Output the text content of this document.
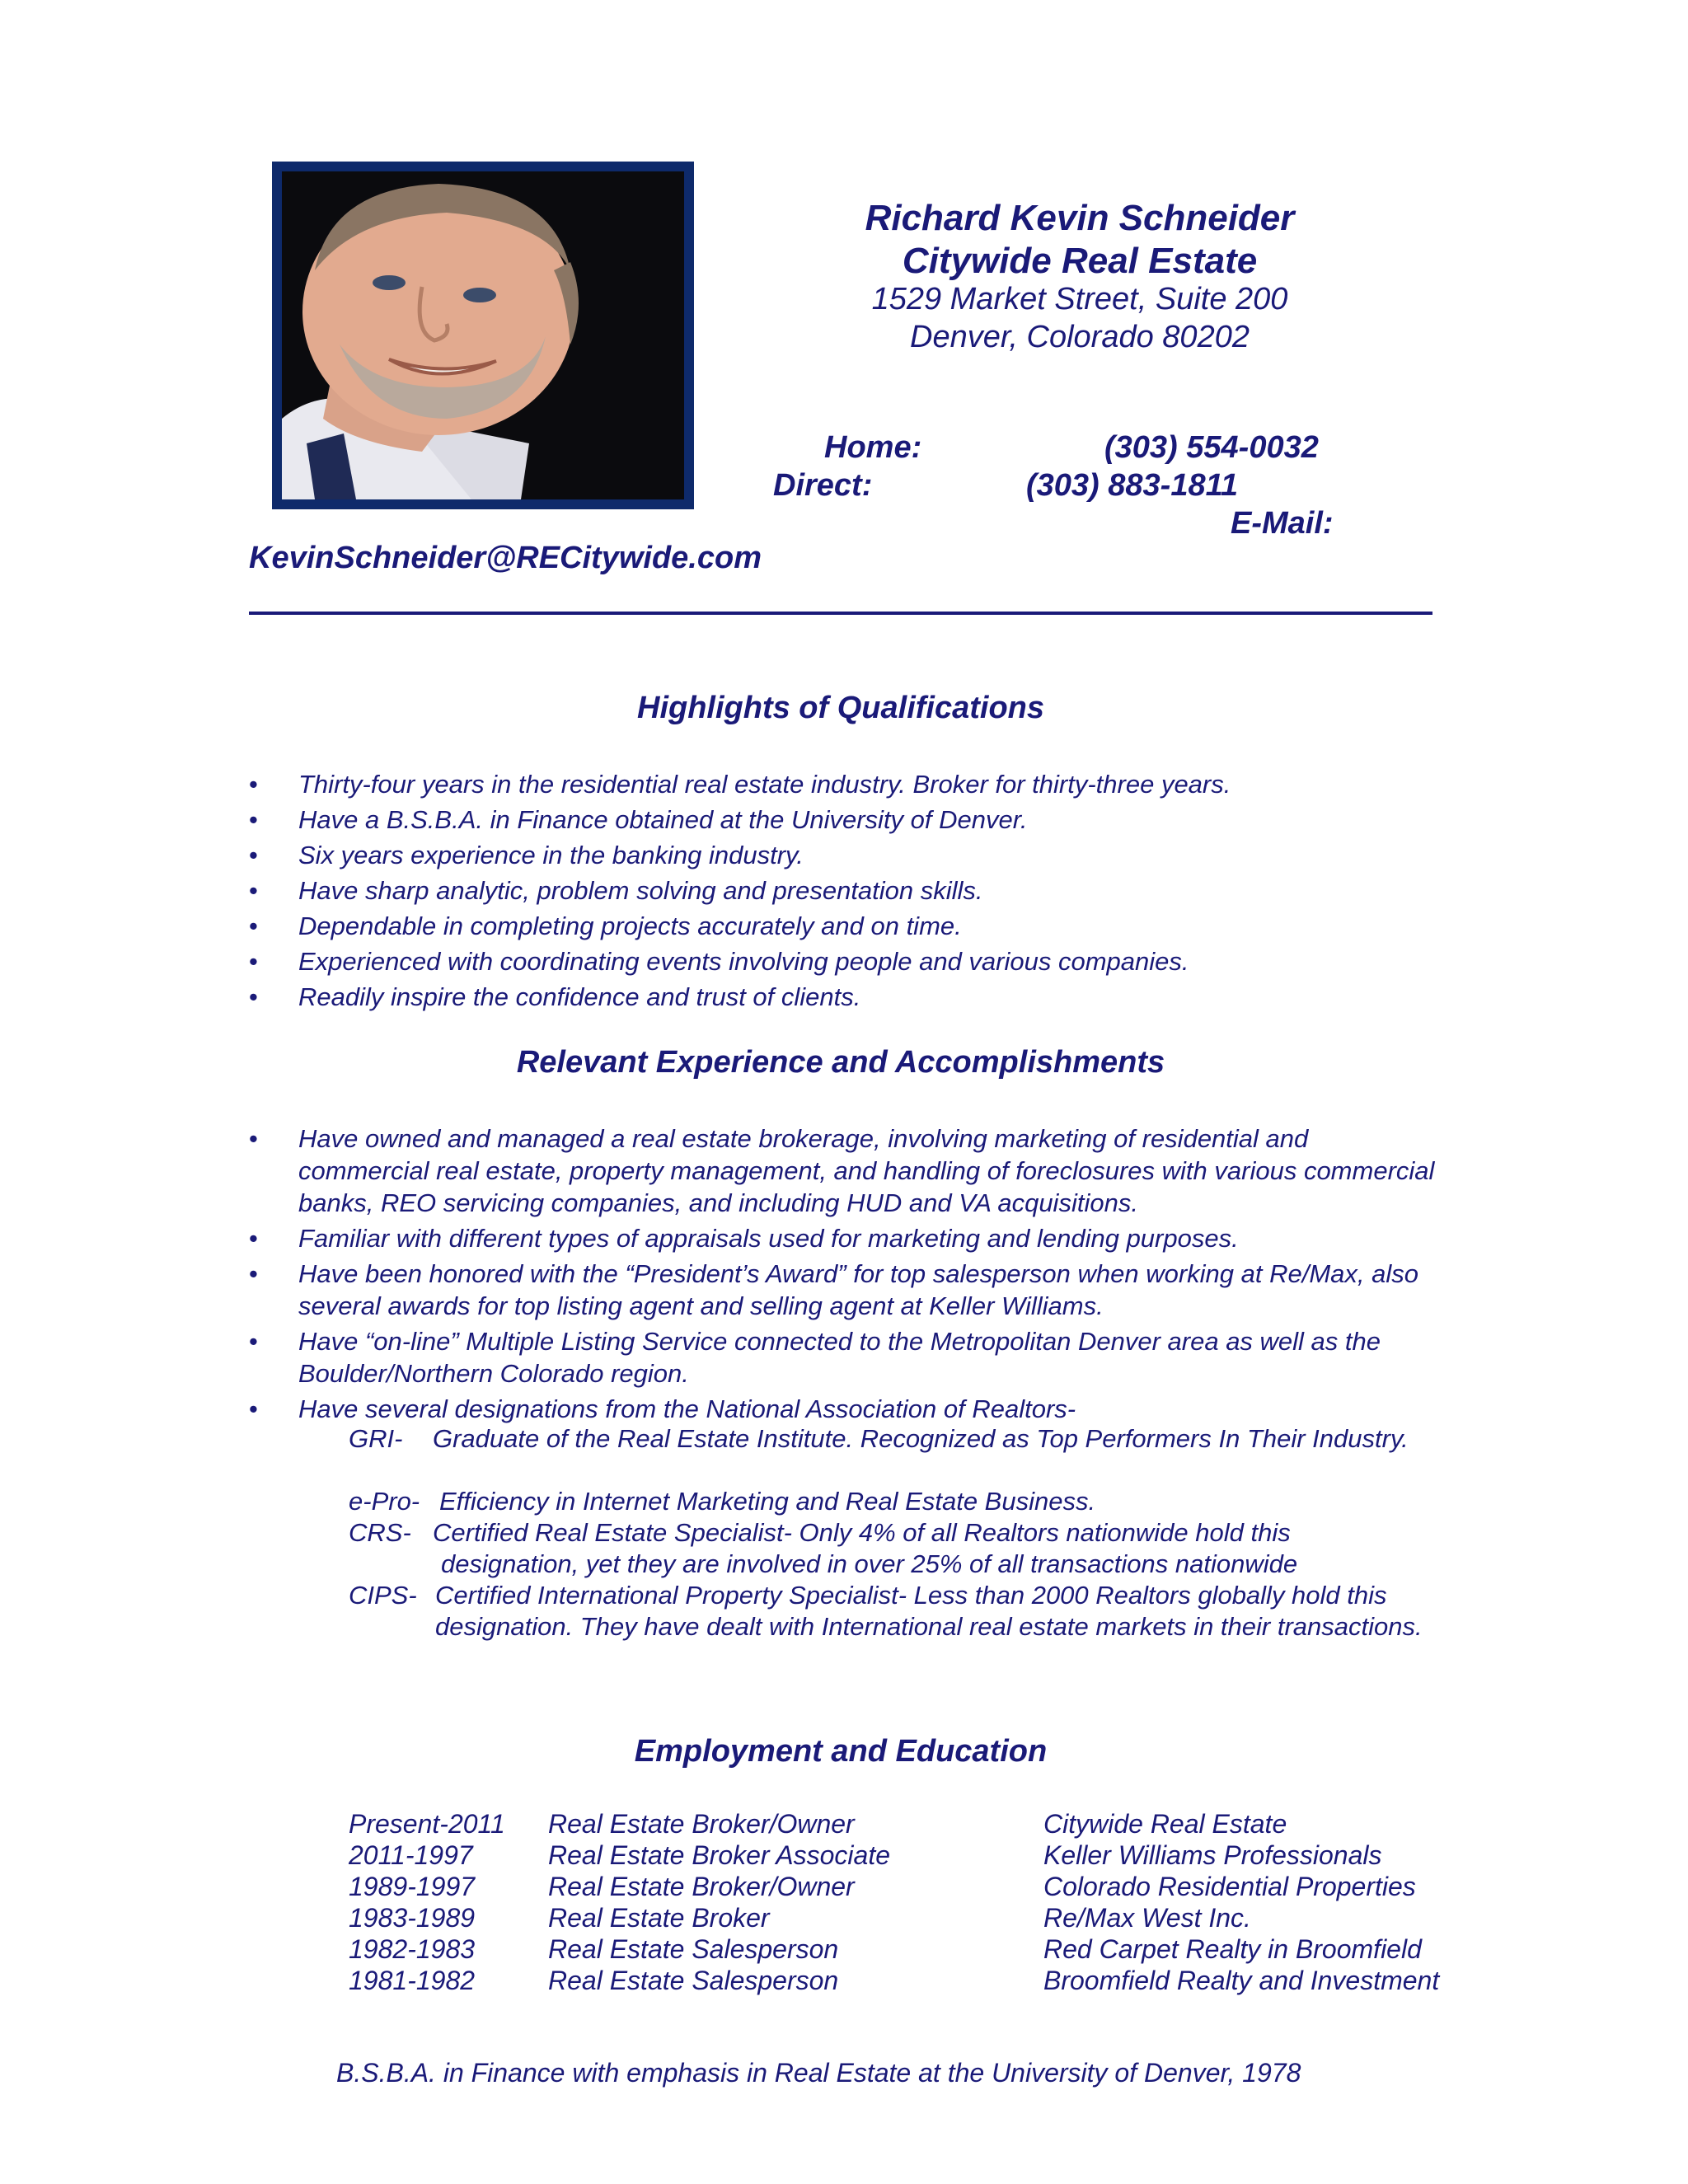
Richard Kevin Schneider
Citywide Real Estate
1529 Market Street, Suite 200
Denver, Colorado 80202
Home:	(303) 554-0032
Direct:	(303) 883-1811
E-Mail:
KevinSchneider@RECitywide.com
Highlights of Qualifications
• Thirty-four years in the residential real estate industry. Broker for thirty-three years.
• Have a B.S.B.A. in Finance obtained at the University of Denver.
• Six years experience in the banking industry.
• Have sharp analytic, problem solving and presentation skills.
• Dependable in completing projects accurately and on time.
• Experienced with coordinating events involving people and various companies.
• Readily inspire the confidence and trust of clients.
Relevant Experience and Accomplishments
• Have owned and managed a real estate brokerage, involving marketing of residential and commercial real estate, property management, and handling of foreclosures with various commercial banks, REO servicing companies, and including HUD and VA acquisitions.
• Familiar with different types of appraisals used for marketing and lending purposes.
• Have been honored with the “President’s Award” for top salesperson when working at Re/Max, also several awards for top listing agent and selling agent at Keller Williams.
• Have “on-line” Multiple Listing Service connected to the Metropolitan Denver area as well as the Boulder/Northern Colorado region.
• Have several designations from the National Association of Realtors-
GRI- Graduate of the Real Estate Institute. Recognized as Top Performers In Their Industry.
e-Pro- Efficiency in Internet Marketing and Real Estate Business.
CRS- Certified Real Estate Specialist- Only 4% of all Realtors nationwide hold this designation, yet they are involved in over 25% of all transactions nationwide
CIPS- Certified International Property Specialist- Less than 2000 Realtors globally hold this designation. They have dealt with International real estate markets in their transactions.
Employment and Education
Present-2011 Real Estate Broker/Owner	Citywide Real Estate
2011-1997	Real Estate Broker Associate	Keller Williams Professionals
1989-1997	Real Estate Broker/Owner	Colorado Residential Properties
1983-1989	Real Estate Broker	Re/Max West Inc.
1982-1983	Real Estate Salesperson	Red Carpet Realty in Broomfield
1981-1982	Real Estate Salesperson	Broomfield Realty and Investment
B.S.B.A. in Finance with emphasis in Real Estate at the University of Denver, 1978
